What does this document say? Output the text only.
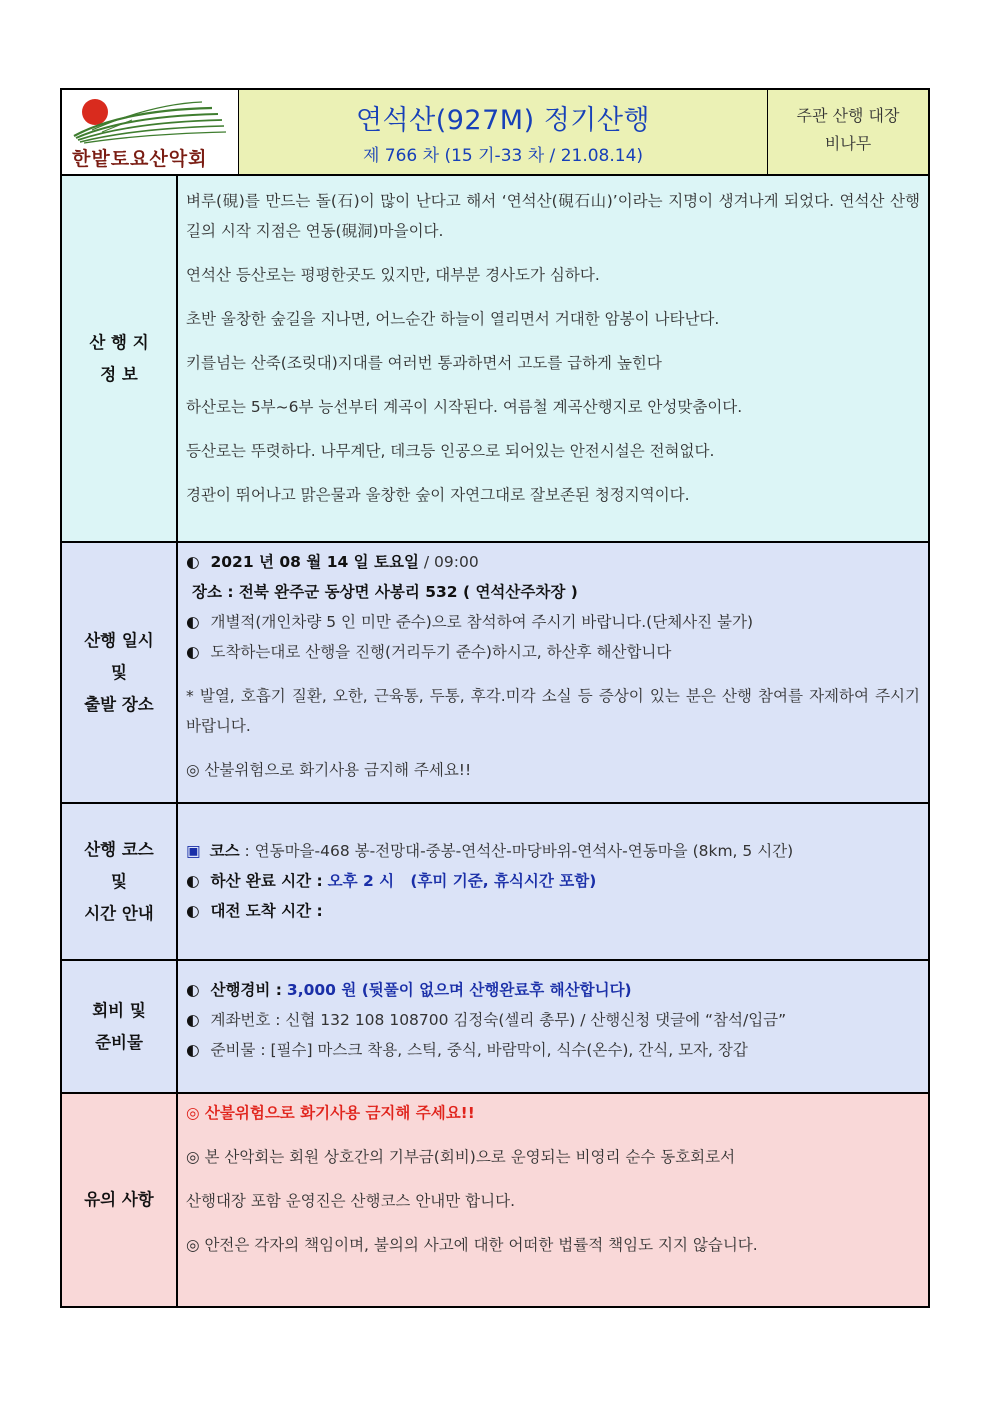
한밭토요산악회
연석산(927M) 정기산행
제 766 차 (15 기-33 차 / 21.08.14)
주관 산행 대장
비나무
산 행 지
정 보

벼루(硯)를 만드는 돌(石)이 많이 난다고 해서 ‘연석산(硯石山)’이라는 지명이 생겨나게 되었다. 연석산 산행길의 시작 지점은 연동(硯洞)마을이다.

연석산 등산로는 평평한곳도 있지만, 대부분 경사도가 심하다.

초반 울창한 숲길을 지나면, 어느순간 하늘이 열리면서 거대한 암봉이 나타난다.

키를넘는 산죽(조릿대)지대를 여러번 통과하면서 고도를 급하게 높힌다

하산로는 5부~6부 능선부터 계곡이 시작된다. 여름철 계곡산행지로 안성맞춤이다.

등산로는 뚜렷하다. 나무계단, 데크등 인공으로 되어있는 안전시설은 전혀없다.

경관이 뛰어나고 맑은물과 울창한 숲이 자연그대로 잘보존된 청정지역이다.

산행 일시
및
출발 장소

◐ 2021 년 08 월 14 일 토요일 / 09:00

장소 : 전북 완주군 동상면 사봉리 532 ( 연석산주차장 )

◐ 개별적(개인차량 5 인 미만 준수)으로 참석하여 주시기 바랍니다.(단체사진 불가)

◐ 도착하는대로 산행을 진행(거리두기 준수)하시고, 하산후 해산합니다

* 발열, 호흡기 질환, 오한, 근육통, 두통, 후각.미각 소실 등 증상이 있는 분은 산행 참여를 자제하여 주시기 바랍니다.

◎ 산불위험으로 화기사용 금지해 주세요!!

산행 코스
및
시간 안내

▣ 코스 : 연동마을-468 봉-전망대-중봉-연석산-마당바위-연석사-연동마을 (8km, 5 시간)

◐ 하산 완료 시간 : 오후 2 시   (후미 기준, 휴식시간 포함)

◐ 대전 도착 시간 :

회비 및
준비물

◐ 산행경비 : 3,000 원 (뒷풀이 없으며 산행완료후 해산합니다)

◐ 계좌번호 : 신협 132 108 108700 김정숙(셀리 총무) / 산행신청 댓글에 “참석/입금”

◐ 준비물 : [필수] 마스크 착용, 스틱, 중식, 바람막이, 식수(온수), 간식, 모자, 장갑

유의 사항

◎ 산불위험으로 화기사용 금지해 주세요!!

◎ 본 산악회는 회원 상호간의 기부금(회비)으로 운영되는 비영리 순수 동호회로서

산행대장 포함 운영진은 산행코스 안내만 합니다.

◎ 안전은 각자의 책임이며, 불의의 사고에 대한 어떠한 법률적 책임도 지지 않습니다.
